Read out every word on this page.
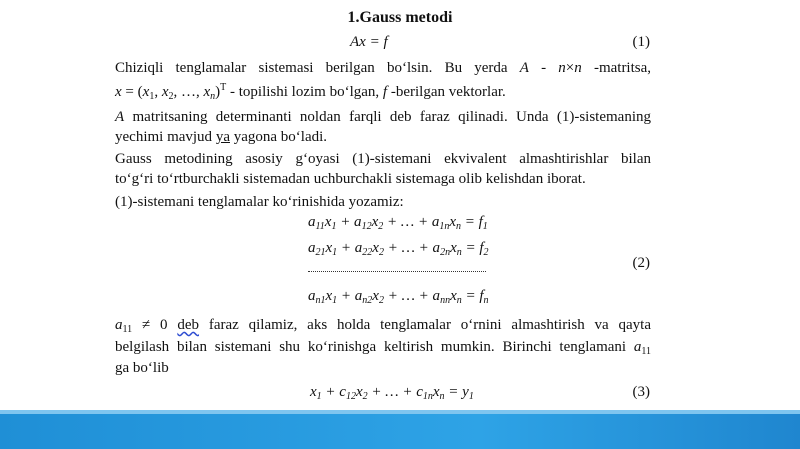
1.Gauss metodi
Ax = f	(1)
Chiziqli tenglamalar sistemasi berilgan bo‘lsin. Bu yerda A - n×n -matritsa,
$x = (x_1$, $x_2$, …, $x_n)^T$ - topilishi lozim bo‘lgan, f -berilgan vektorlar.
A matritsaning determinanti noldan farqli deb faraz qilinadi. Unda (1)-sistemaning
yechimi mavjud ya yagona bo‘ladi.
Gauss metodining asosiy g‘oyasi (1)-sistemani ekvivalent almashtirishlar bilan
to‘g‘ri to‘rtburchakli sistemadan uchburchakli sistemaga olib kelishdan iborat.
(1)-sistemani tenglamalar ko‘rinishida yozamiz:
$a_{11}x_1 + a_{12}x_2$ + … + $a_{1n}x_n = f_1$
$a_{21}x_1 + a_{22}x_2$ + … + $a_{2n}x_n = f_2$
(2)
$a_{n1}x_1 + a_{n2}x_2$ + … + $a_{nn}x_n = f_n$
$a_{11} \ne 0$ deb faraz qilamiz, aks holda tenglamalar o‘rnini almashtirish va qayta
belgilash bilan sistemani shu ko‘rinishga keltirish mumkin. Birinchi tenglamani $a_{11}$
ga bo‘lib
$x_1 + c_{12}x_2$ + … + $c_{1n}x_n = y_1$	(3)
